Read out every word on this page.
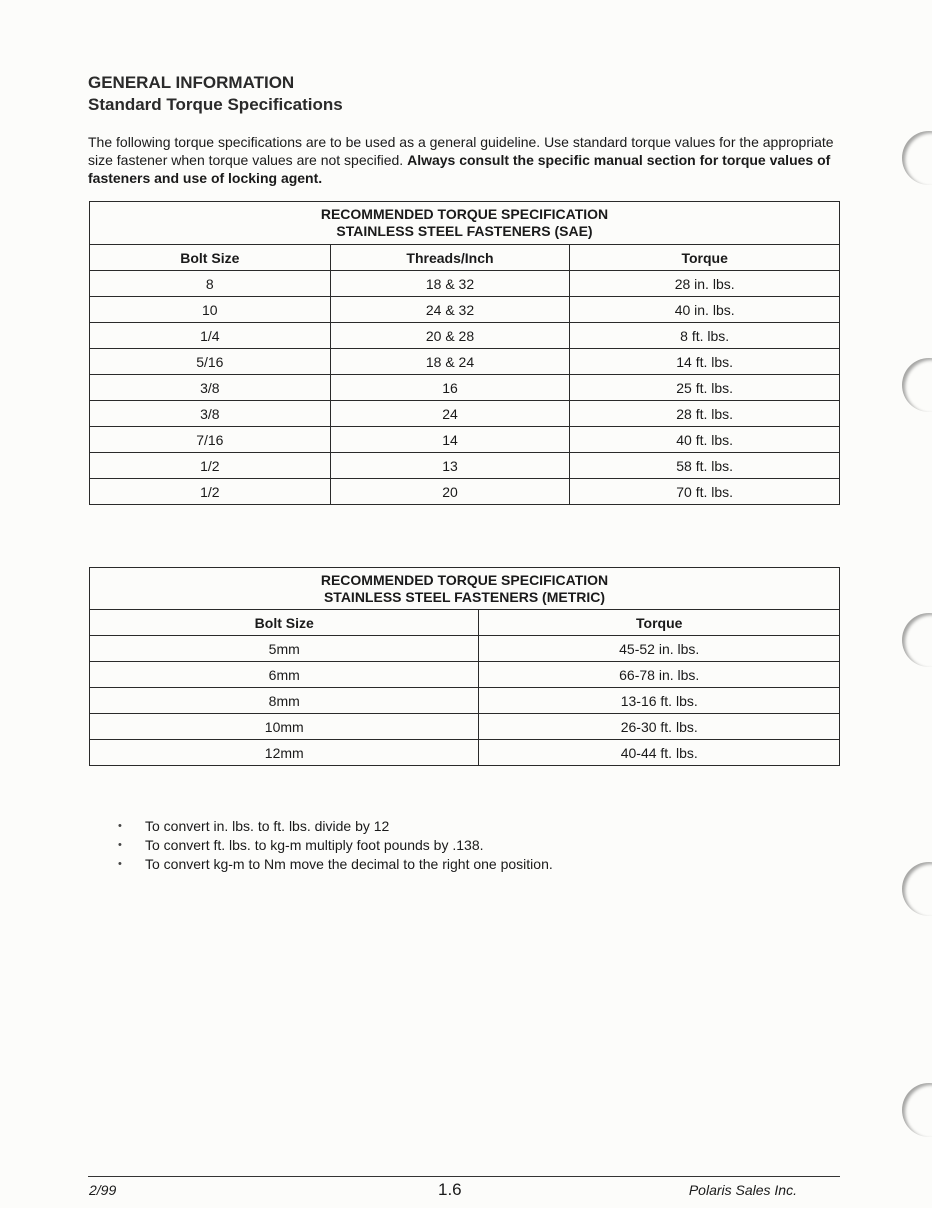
GENERAL INFORMATION
Standard Torque Specifications

The following torque specifications are to be used as a general guideline. Use standard torque values for the appropriate size fastener when torque values are not specified. Always consult the specific manual section for torque values of fasteners and use of locking agent.

RECOMMENDED TORQUE SPECIFICATION
STAINLESS STEEL FASTENERS (SAE)		

Bolt Size	Threads/Inch	Torque
8	18 & 32	28 in. lbs.
10	24 & 32	40 in. lbs.
1/4	20 & 28	8 ft. lbs.
5/16	18 & 24	14 ft. lbs.
3/8	16	25 ft. lbs.
3/8	24	28 ft. lbs.
7/16	14	40 ft. lbs.
1/2	13	58 ft. lbs.
1/2	20	70 ft. lbs.
RECOMMENDED TORQUE SPECIFICATION
STAINLESS STEEL FASTENERS (METRIC)	

Bolt Size	Torque
5mm	45-52 in. lbs.
6mm	66-78 in. lbs.
8mm	13-16 ft. lbs.
10mm	26-30 ft. lbs.
12mm	40-44 ft. lbs.
• To convert in. lbs. to ft. lbs. divide by 12
• To convert ft. lbs. to kg-m multiply foot pounds by .138.
• To convert kg-m to Nm move the decimal to the right one position.
2/99	1.6	Polaris Sales Inc.
